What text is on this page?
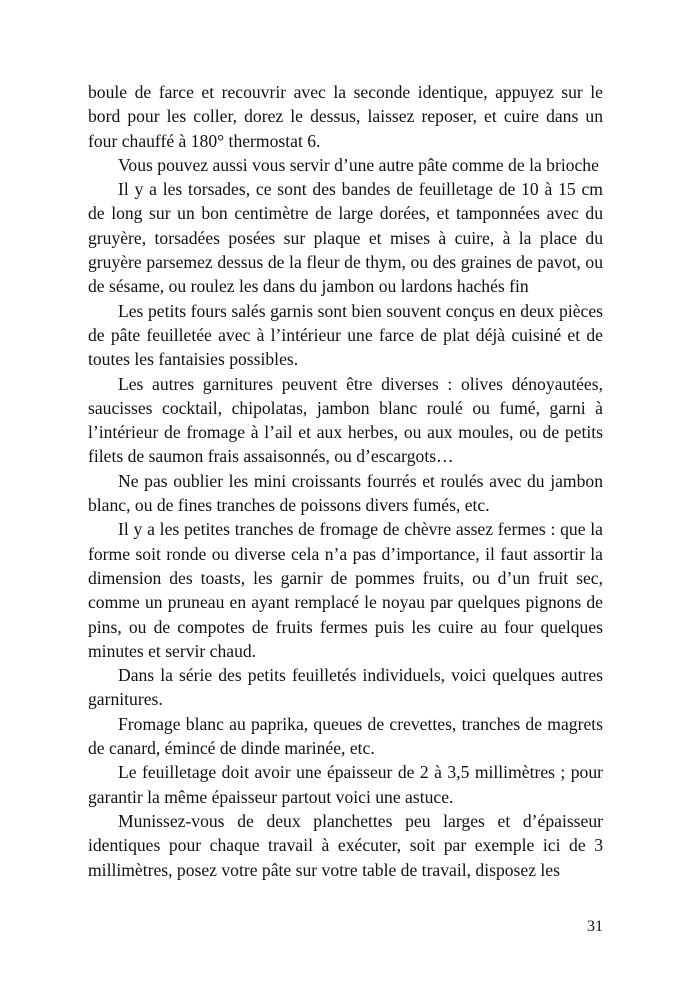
boule de farce et recouvrir avec la seconde identique, appuyez sur le bord pour les coller, dorez le dessus, laissez reposer, et cuire dans un four chauffé à 180° thermostat 6.

Vous pouvez aussi vous servir d’une autre pâte comme de la brioche

Il y a les torsades, ce sont des bandes de feuilletage de 10 à 15 cm de long sur un bon centimètre de large dorées, et tamponnées avec du gruyère, torsadées posées sur plaque et mises à cuire, à la place du gruyère parsemez dessus de la fleur de thym, ou des graines de pavot, ou de sésame, ou roulez les dans du jambon ou lardons hachés fin

Les petits fours salés garnis sont bien souvent conçus en deux pièces de pâte feuilletée avec à l’intérieur une farce de plat déjà cuisiné et de toutes les fantaisies possibles.

Les autres garnitures peuvent être diverses : olives dénoyautées, saucisses cocktail, chipolatas, jambon blanc roulé ou fumé, garni à l’intérieur de fromage à l’ail et aux herbes, ou aux moules, ou de petits filets de saumon frais assaisonnés, ou d’escargots…

Ne pas oublier les mini croissants fourrés et roulés avec du jambon blanc, ou de fines tranches de poissons divers fumés, etc.

Il y a les petites tranches de fromage de chèvre assez fermes : que la forme soit ronde ou diverse cela n’a pas d’importance, il faut assortir la dimension des toasts, les garnir de pommes fruits, ou d’un fruit sec, comme un pruneau en ayant remplacé le noyau par quelques pignons de pins, ou de compotes de fruits fermes puis les cuire au four quelques minutes et servir chaud.

Dans la série des petits feuilletés individuels, voici quelques autres garnitures.

Fromage blanc au paprika, queues de crevettes, tranches de magrets de canard, émincé de dinde marinée, etc.

Le feuilletage doit avoir une épaisseur de 2 à 3,5 millimètres ; pour garantir la même épaisseur partout voici une astuce.

Munissez-vous de deux planchettes peu larges et d’épaisseur identiques pour chaque travail à exécuter, soit par exemple ici de 3 millimètres, posez votre pâte sur votre table de travail, disposez les

31
